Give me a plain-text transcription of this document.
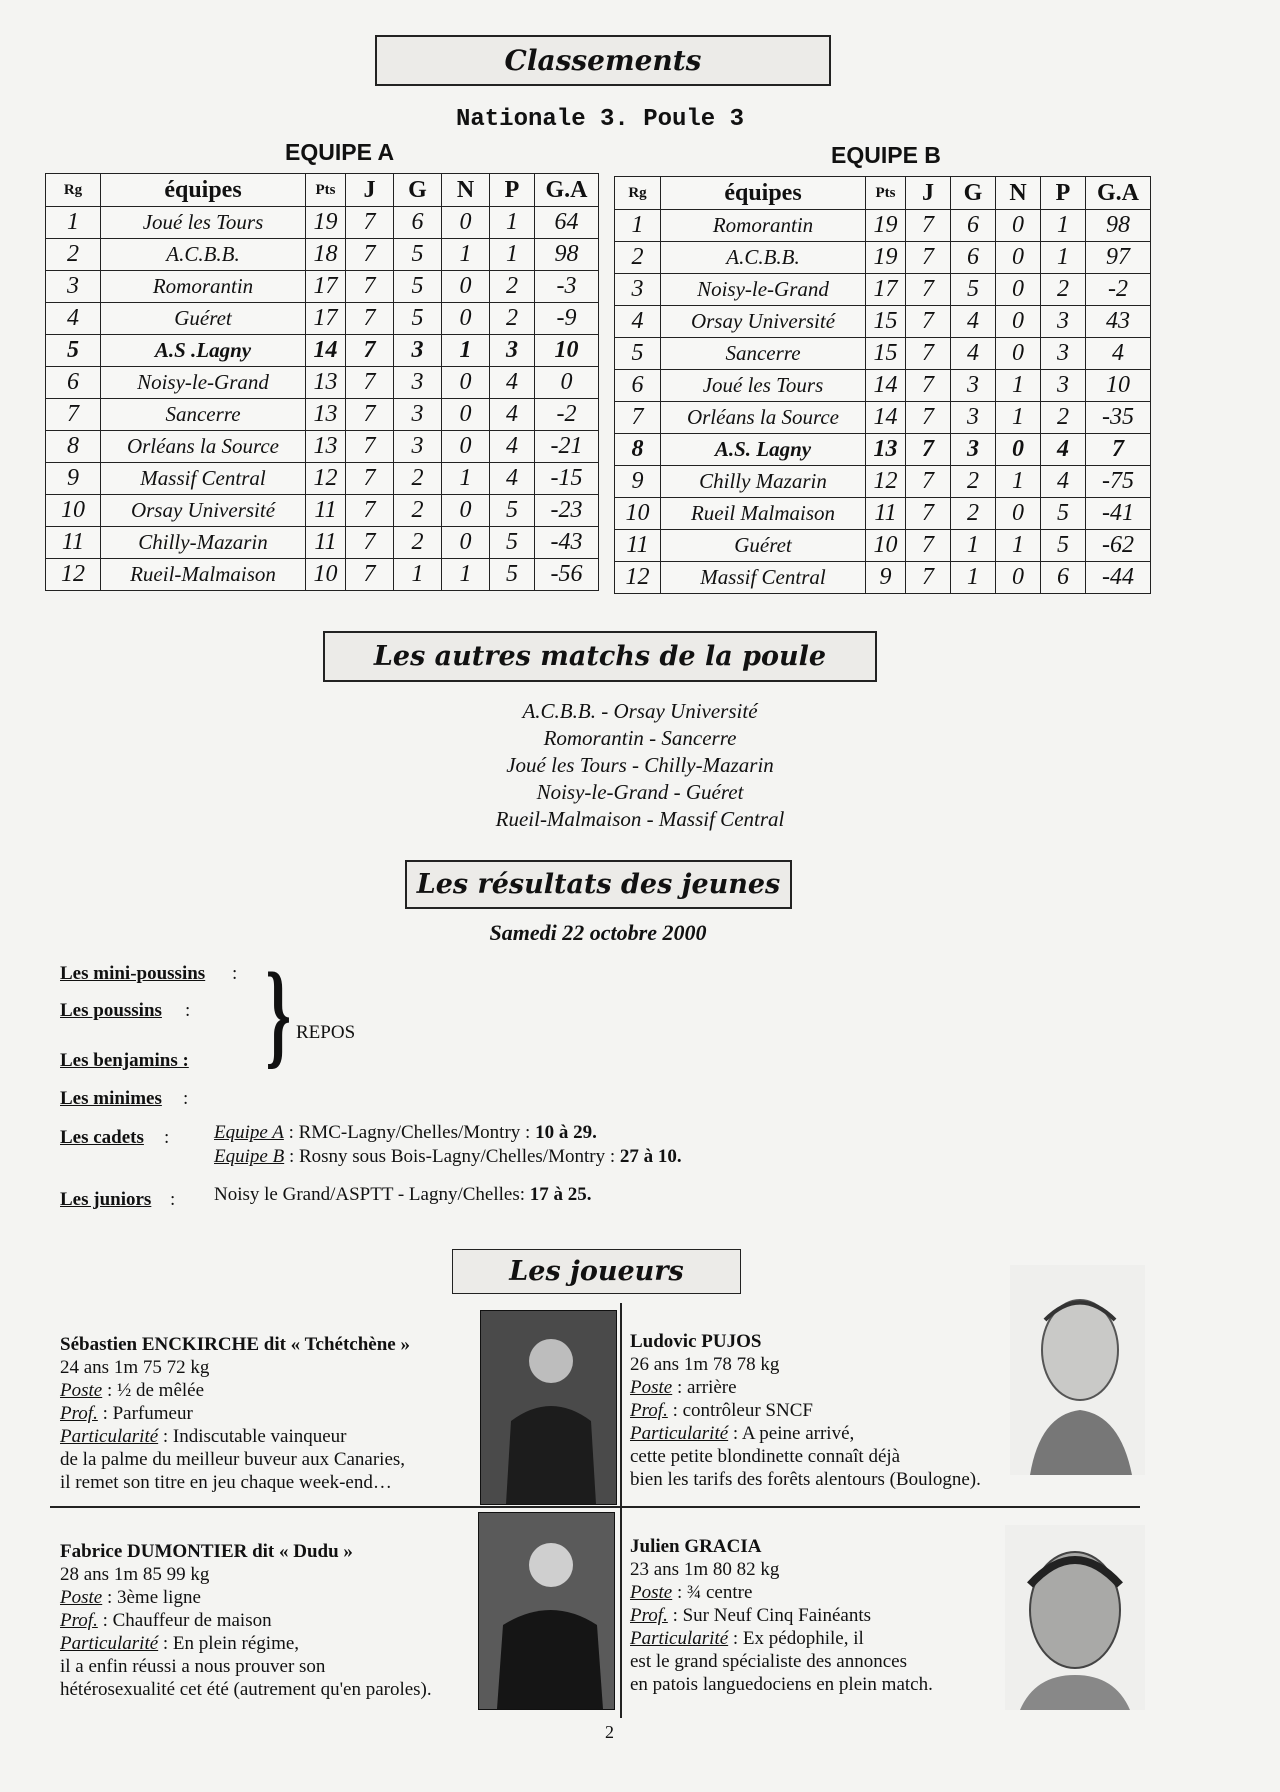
Classements
Nationale 3. Poule 3
EQUIPE A	EQUIPE B
Rg	équipes	Pts	J	G	N	P	G.A
1	Joué les Tours	19	7	6	0	1	64
2	A.C.B.B.	18	7	5	1	1	98
3	Romorantin	17	7	5	0	2	-3
4	Guéret	17	7	5	0	2	-9
5	A.S .Lagny	14	7	3	1	3	10
6	Noisy-le-Grand	13	7	3	0	4	0
7	Sancerre	13	7	3	0	4	-2
8	Orléans la Source	13	7	3	0	4	-21
9	Massif Central	12	7	2	1	4	-15
10	Orsay Université	11	7	2	0	5	-23
11	Chilly-Mazarin	11	7	2	0	5	-43
12	Rueil-Malmaison	10	7	1	1	5	-56
Rg	équipes	Pts	J	G	N	P	G.A
1	Romorantin	19	7	6	0	1	98
2	A.C.B.B.	19	7	6	0	1	97
3	Noisy-le-Grand	17	7	5	0	2	-2
4	Orsay Université	15	7	4	0	3	43
5	Sancerre	15	7	4	0	3	4
6	Joué les Tours	14	7	3	1	3	10
7	Orléans la Source	14	7	3	1	2	-35
8	A.S. Lagny	13	7	3	0	4	7
9	Chilly Mazarin	12	7	2	1	4	-75
10	Rueil Malmaison	11	7	2	0	5	-41
11	Guéret	10	7	1	1	5	-62
12	Massif Central	9	7	1	0	6	-44
Les autres matchs de la poule
A.C.B.B. - Orsay Université
Romorantin - Sancerre
Joué les Tours - Chilly-Mazarin
Noisy-le-Grand - Guéret
Rueil-Malmaison - Massif Central
Les résultats des jeunes
Samedi 22 octobre 2000
Les mini-poussins :
Les poussins :
Les benjamins : } REPOS
Les minimes :
Les cadets : Equipe A : RMC-Lagny/Chelles/Montry : 10 à 29.
Equipe B : Rosny sous Bois-Lagny/Chelles/Montry : 27 à 10.
Les juniors : Noisy le Grand/ASPTT - Lagny/Chelles: 17 à 25.
Les joueurs
Sébastien ENCKIRCHE dit « Tchétchène »
24 ans 1m 75 72 kg
Poste : ½ de mêlée
Prof. : Parfumeur
Particularité : Indiscutable vainqueur
de la palme du meilleur buveur aux Canaries,
il remet son titre en jeu chaque week-end…
Ludovic PUJOS
26 ans 1m 78 78 kg
Poste : arrière
Prof. : contrôleur SNCF
Particularité : A peine arrivé,
cette petite blondinette connaît déjà
bien les tarifs des forêts alentours (Boulogne).
Fabrice DUMONTIER dit « Dudu »
28 ans 1m 85 99 kg
Poste : 3ème ligne
Prof. : Chauffeur de maison
Particularité : En plein régime,
il a enfin réussi a nous prouver son
hétérosexualité cet été (autrement qu'en paroles).
Julien GRACIA
23 ans 1m 80 82 kg
Poste : ¾ centre
Prof. : Sur Neuf Cinq Fainéants
Particularité : Ex pédophile, il
est le grand spécialiste des annonces
en patois languedociens en plein match.
2
